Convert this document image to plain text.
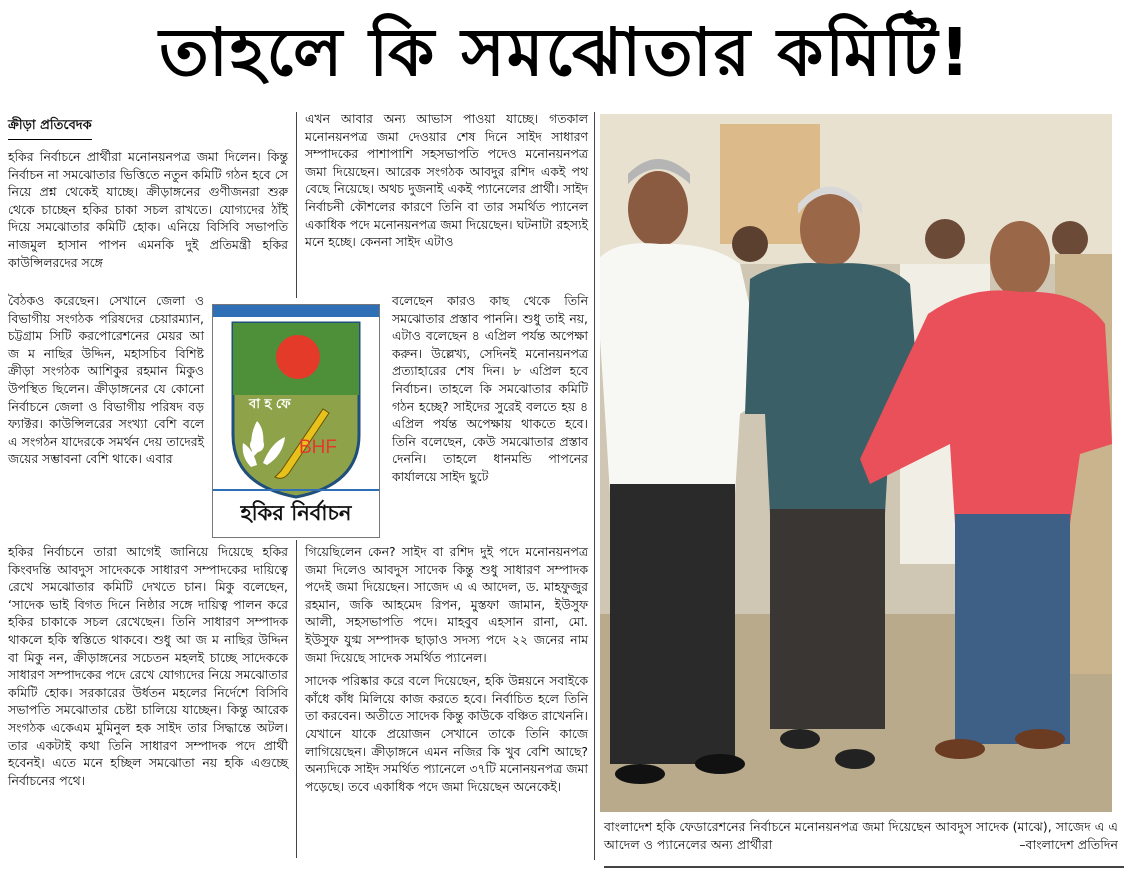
তাহলে কি সমঝোতার কমিটি!
ক্রীড়া প্রতিবেদক

হকির নির্বাচনে প্রার্থীরা মনোনয়নপত্র জমা দিলেন। কিন্তু নির্বাচন না সমঝোতার ভিত্তিতে নতুন কমিটি গঠন হবে সে নিয়ে প্রশ্ন থেকেই যাচ্ছে। ক্রীড়াঙ্গনের গুণীজনরা শুরু থেকে চাচ্ছেন হকির চাকা সচল রাখতে। যোগ্যদের ঠাঁই দিয়ে সমঝোতার কমিটি হোক। এনিয়ে বিসিবি সভাপতি নাজমুল হাসান পাপন এমনকি দুই প্রতিমন্ত্রী হকির কাউন্সিলরদের সঙ্গে

বৈঠকও করেছেন। সেখানে জেলা ও বিভাগীয় সংগঠক পরিষদের চেয়ারম্যান, চট্টগ্রাম সিটি করপোরেশনের মেয়র আ জ ম নাছির উদ্দিন, মহাসচিব বিশিষ্ট ক্রীড়া সংগঠক আশিকুর রহমান মিকুও উপস্থিত ছিলেন। ক্রীড়াঙ্গনের যে কোনো নির্বাচনে জেলা ও বিভাগীয় পরিষদ বড় ফ্যাক্টর। কাউন্সিলরের সংখ্যা বেশি বলে এ সংগঠন যাদেরকে সমর্থন দেয় তাদেরই জয়ের সম্ভাবনা বেশি থাকে। এবার

হকির নির্বাচনে তারা আগেই জানিয়ে দিয়েছে হকির কিংবদন্তি আবদুস সাদেককে সাধারণ সম্পাদকের দায়িত্বে রেখে সমঝোতার কমিটি দেখতে চান। মিকু বলেছেন, ‘সাদেক ভাই বিগত দিনে নিষ্ঠার সঙ্গে দায়িত্ব পালন করে হকির চাকাকে সচল রেখেছেন। তিনি সাধারণ সম্পাদক থাকলে হকি স্বস্তিতে থাকবে। শুধু আ জ ম নাছির উদ্দিন বা মিকু নন, ক্রীড়াঙ্গনের সচেতন মহলই চাচ্ছে সাদেককে সাধারণ সম্পাদকের পদে রেখে যোগ্যদের নিয়ে সমঝোতার কমিটি হোক। সরকারের উর্ধতন মহলের নির্দেশে বিসিবি সভাপতি সমঝোতার চেষ্টা চালিয়ে যাচ্ছেন। কিন্তু আরেক সংগঠক একেএম মুমিনুল হক সাইদ তার সিদ্ধান্তে অটল। তার একটাই কথা তিনি সাধারণ সম্পাদক পদে প্রার্থী হবেনই। এতে মনে হচ্ছিল সমঝোতা নয় হকি এগুচ্ছে নির্বাচনের পথে।

এখন আবার অন্য আভাস পাওয়া যাচ্ছে। গতকাল মনোনয়নপত্র জমা দেওয়ার শেষ দিনে সাইদ সাধারণ সম্পাদকের পাশাপাশি সহসভাপতি পদেও মনোনয়নপত্র জমা দিয়েছেন। আরেক সংগঠক আবদুর রশিদ একই পথ বেছে নিয়েছে। অথচ দুজনাই একই প্যানেলের প্রার্থী। সাইদ নির্বাচনী কৌশলের কারণে তিনি বা তার সমর্থিত প্যানেল একাধিক পদে মনোনয়নপত্র জমা দিয়েছেন। ঘটনাটা রহস্যই মনে হচ্ছে। কেননা সাইদ এটাও

বলেছেন কারও কাছ থেকে তিনি সমঝোতার প্রস্তাব পাননি। শুধু তাই নয়, এটাও বলেছেন ৪ এপ্রিল পর্যন্ত অপেক্ষা করুন। উল্লেখ্য, সেদিনই মনোনয়নপত্র প্রত্যাহারের শেষ দিন। ৮ এপ্রিল হবে নির্বাচন। তাহলে কি সমঝোতার কমিটি গঠন হচ্ছে? সাইদের সুরেই বলতে হয় ৪ এপ্রিল পর্যন্ত অপেক্ষায় থাকতে হবে। তিনি বলেছেন, কেউ সমঝোতার প্রস্তাব দেননি। তাহলে ধানমন্ডি পাপনের কার্যালয়ে সাইদ ছুটে

গিয়েছিলেন কেন? সাইদ বা রশিদ দুই পদে মনোনয়নপত্র জমা দিলেও আবদুস সাদেক কিন্তু শুধু সাধারণ সম্পাদক পদেই জমা দিয়েছেন। সাজেদ এ এ আদেল, ড. মাহফুজুর রহমান, জকি আহমেদ রিপন, মুস্তফা জামান, ইউসুফ আলী, সহসভাপতি পদে। মাহবুব এহসান রানা, মো. ইউসুফ যুগ্ম সম্পাদক ছাড়াও সদস্য পদে ২২ জনের নাম জমা দিয়েছে সাদেক সমর্থিত প্যানেল।

সাদেক পরিষ্কার করে বলে দিয়েছেন, হকি উন্নয়নে সবাইকে কাঁধে কাঁধ মিলিয়ে কাজ করতে হবে। নির্বাচিত হলে তিনি তা করবেন। অতীতে সাদেক কিন্তু কাউকে বঞ্চিত রাখেননি। যেখানে যাকে প্রয়োজন সেখানে তাকে তিনি কাজে লাগিয়েছেন। ক্রীড়াঙ্গনে এমন নজির কি খুব বেশি আছে? অন্যদিকে সাইদ সমর্থিত প্যানেলে ৩৭টি মনোনয়নপত্র জমা পড়েছে। তবে একাধিক পদে জমা দিয়েছেন অনেকেই।

বা হ ফে
BHF
হকির নির্বাচন
বাংলাদেশ হকি ফেডারেশনের নির্বাচনে মনোনয়নপত্র জমা দিয়েছেন আবদুস সাদেক (মাঝে), সাজেদ এ এ আদেল ও প্যানেলের অন্য প্রার্থীরা	–বাংলাদেশ প্রতিদিন
